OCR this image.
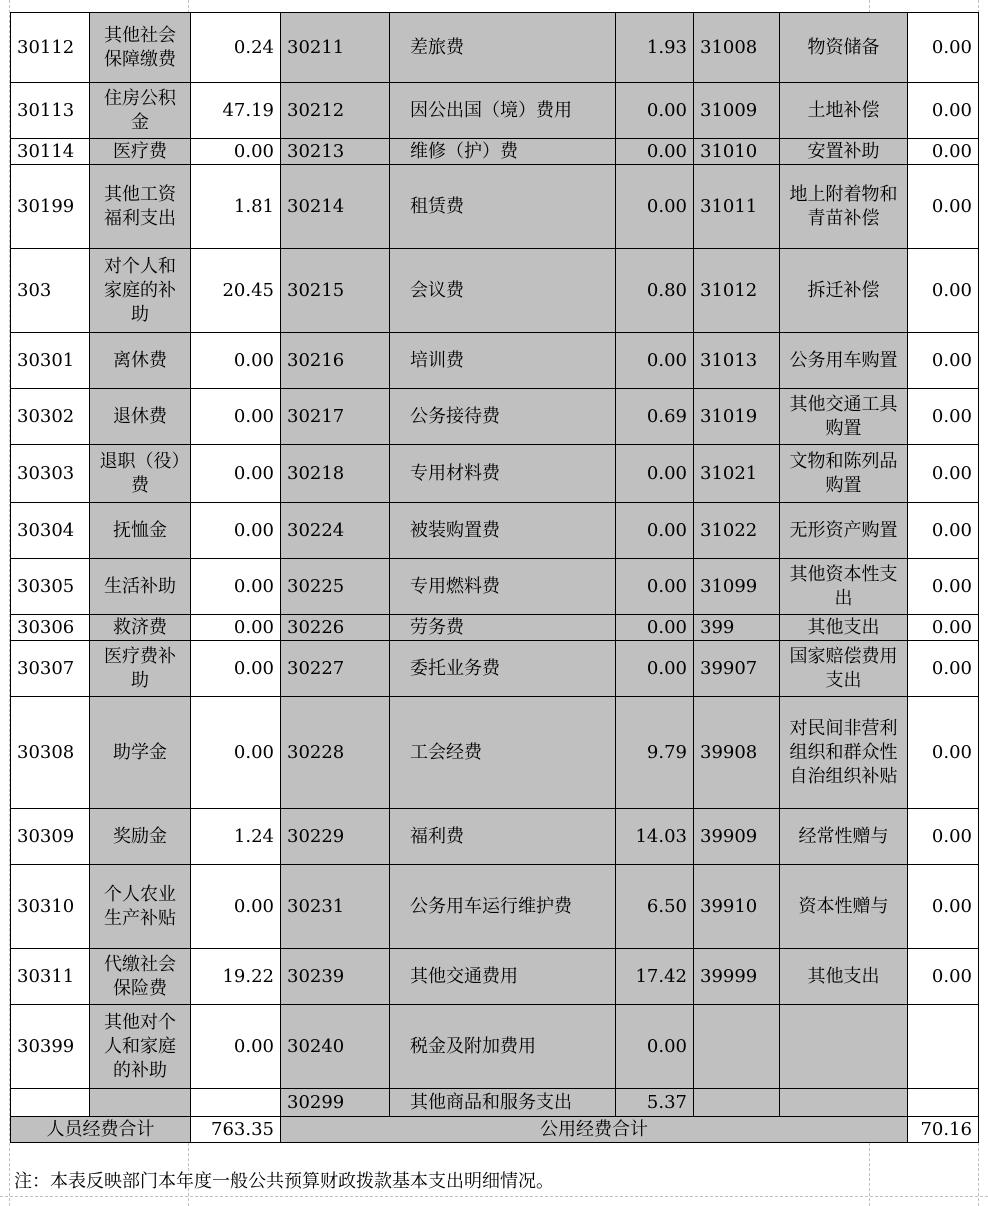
30112	其他社会保障缴费	0.24	30211	差旅费	1.93	31008	物资储备	0.00
30113	住房公积金	47.19	30212	因公出国（境）费用	0.00	31009	土地补偿	0.00
30114	医疗费	0.00	30213	维修（护）费	0.00	31010	安置补助	0.00
30199	其他工资福利支出	1.81	30214	租赁费	0.00	31011	地上附着物和青苗补偿	0.00
303	对个人和家庭的补助	20.45	30215	会议费	0.80	31012	拆迁补偿	0.00
30301	离休费	0.00	30216	培训费	0.00	31013	公务用车购置	0.00
30302	退休费	0.00	30217	公务接待费	0.69	31019	其他交通工具购置	0.00
30303	退职（役）费	0.00	30218	专用材料费	0.00	31021	文物和陈列品购置	0.00
30304	抚恤金	0.00	30224	被装购置费	0.00	31022	无形资产购置	0.00
30305	生活补助	0.00	30225	专用燃料费	0.00	31099	其他资本性支出	0.00
30306	救济费	0.00	30226	劳务费	0.00	399	其他支出	0.00
30307	医疗费补助	0.00	30227	委托业务费	0.00	39907	国家赔偿费用支出	0.00
30308	助学金	0.00	30228	工会经费	9.79	39908	对民间非营利组织和群众性自治组织补贴	0.00
30309	奖励金	1.24	30229	福利费	14.03	39909	经常性赠与	0.00
30310	个人农业生产补贴	0.00	30231	公务用车运行维护费	6.50	39910	资本性赠与	0.00
30311	代缴社会保险费	19.22	30239	其他交通费用	17.42	39999	其他支出	0.00
30399	其他对个人和家庭的补助	0.00	30240	税金及附加费用	0.00			
			30299	其他商品和服务支出	5.37			
人员经费合计		763.35	公用经费合计					70.16
注：本表反映部门本年度一般公共预算财政拨款基本支出明细情况。
